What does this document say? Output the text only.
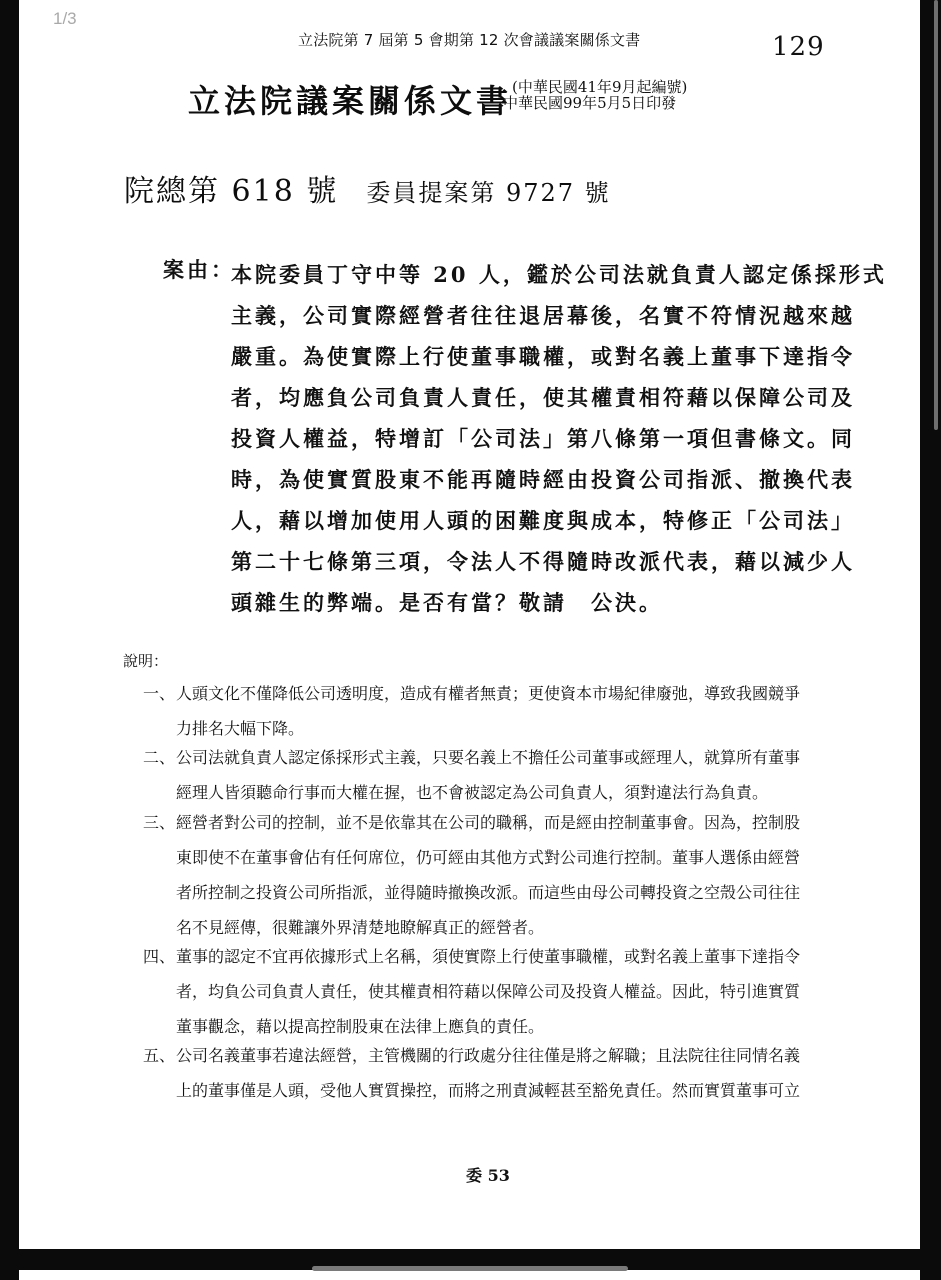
1/3
立法院第 7 屆第 5 會期第 12 次會議議案關係文書	129
立法院議案關係文書 (中華民國41年9月起編號)
中華民國99年5月5日印發
院總第 618 號 委員提案第 9727 號
案由：
本院委員丁守中等 20 人，鑑於公司法就負責人認定係採形式
主義，公司實際經營者往往退居幕後，名實不符情況越來越
嚴重。為使實際上行使董事職權，或對名義上董事下達指令
者，均應負公司負責人責任，使其權責相符藉以保障公司及
投資人權益，特增訂「公司法」第八條第一項但書條文。同
時，為使實質股東不能再隨時經由投資公司指派、撤換代表
人，藉以增加使用人頭的困難度與成本，特修正「公司法」
第二十七條第三項，令法人不得隨時改派代表，藉以減少人
頭雜生的弊端。是否有當？敬請　公決。
說明：
一、 人頭文化不僅降低公司透明度，造成有權者無責；更使資本市場紀律廢弛，導致我國競爭
力排名大幅下降。
二、 公司法就負責人認定係採形式主義，只要名義上不擔任公司董事或經理人，就算所有董事
經理人皆須聽命行事而大權在握，也不會被認定為公司負責人，須對違法行為負責。
三、 經營者對公司的控制，並不是依靠其在公司的職稱，而是經由控制董事會。因為，控制股
東即使不在董事會佔有任何席位，仍可經由其他方式對公司進行控制。董事人選係由經營
者所控制之投資公司所指派，並得隨時撤換改派。而這些由母公司轉投資之空殼公司往往
名不見經傳，很難讓外界清楚地瞭解真正的經營者。
四、 董事的認定不宜再依據形式上名稱，須使實際上行使董事職權，或對名義上董事下達指令
者，均負公司負責人責任，使其權責相符藉以保障公司及投資人權益。因此，特引進實質
董事觀念，藉以提高控制股東在法律上應負的責任。
五、 公司名義董事若違法經營，主管機關的行政處分往往僅是將之解職；且法院往往同情名義
上的董事僅是人頭，受他人實質操控，而將之刑責減輕甚至豁免責任。然而實質董事可立
委 53
